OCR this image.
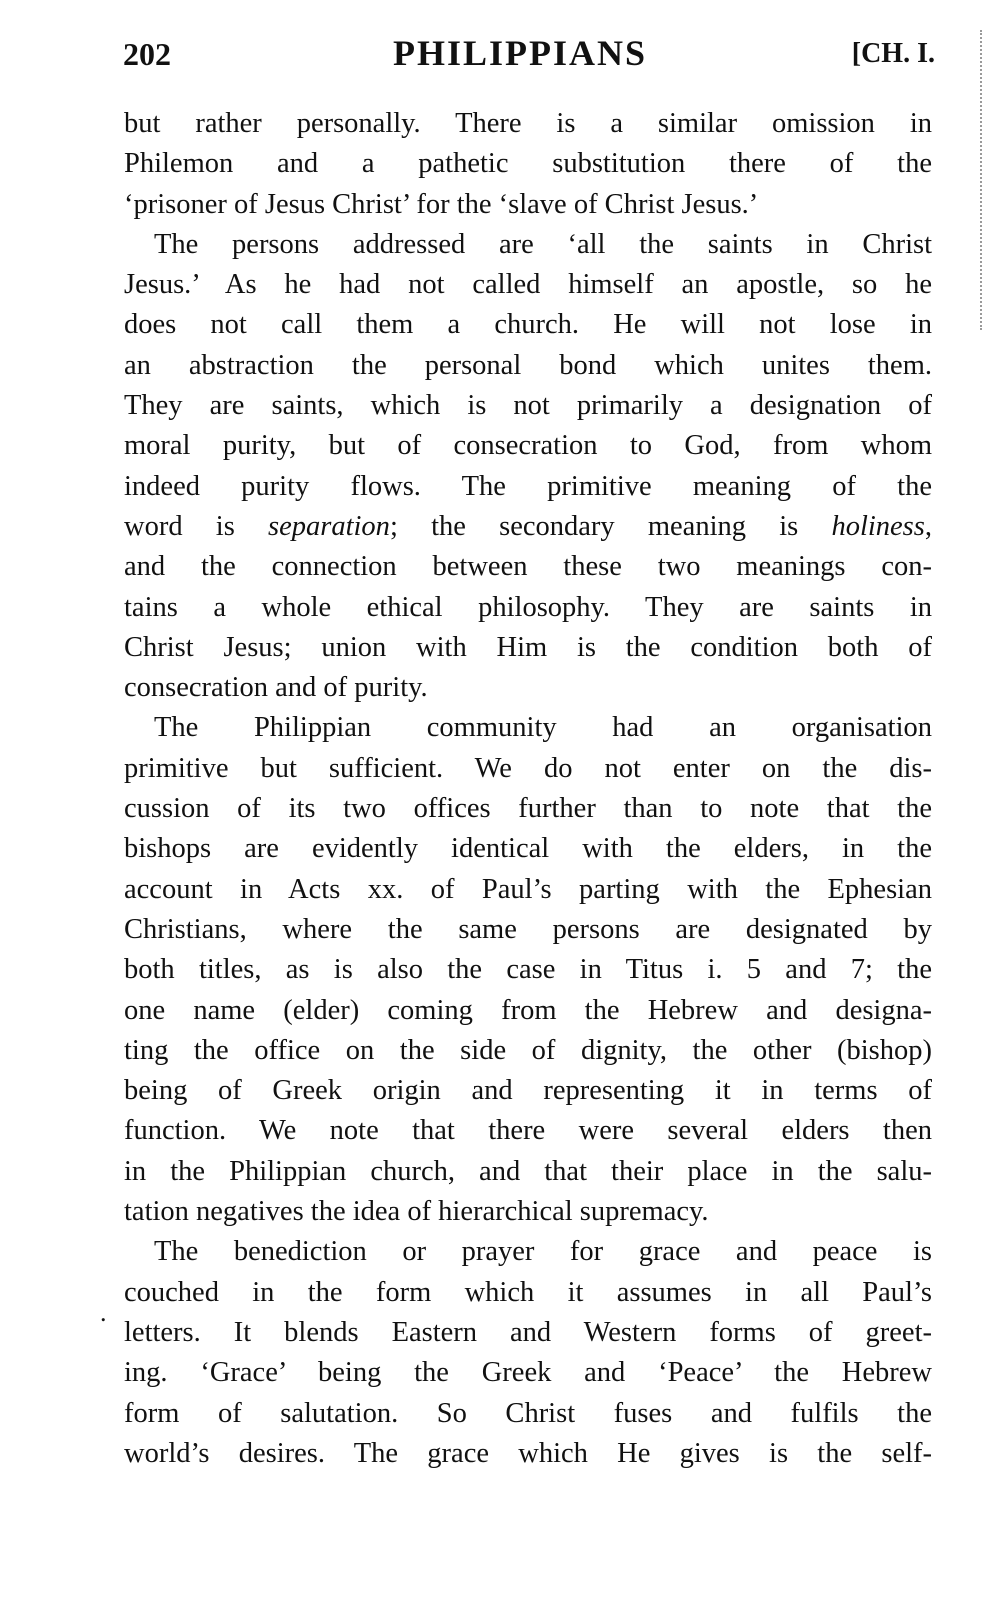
202	PHILIPPIANS	[CH. I.
but rather personally. There is a similar omission in
Philemon and a pathetic substitution there of the
‘prisoner of Jesus Christ’ for the ‘slave of Christ Jesus.’
The persons addressed are ‘all the saints in Christ
Jesus.’ As he had not called himself an apostle, so he
does not call them a church. He will not lose in
an abstraction the personal bond which unites them.
They are saints, which is not primarily a designation of
moral purity, but of consecration to God, from whom
indeed purity flows. The primitive meaning of the
word is separation; the secondary meaning is holiness,
and the connection between these two meanings con-
tains a whole ethical philosophy. They are saints in
Christ Jesus; union with Him is the condition both of
consecration and of purity.
The Philippian community had an organisation
primitive but sufficient. We do not enter on the dis-
cussion of its two offices further than to note that the
bishops are evidently identical with the elders, in the
account in Acts xx. of Paul’s parting with the Ephesian
Christians, where the same persons are designated by
both titles, as is also the case in Titus i. 5 and 7; the
one name (elder) coming from the Hebrew and designa-
ting the office on the side of dignity, the other (bishop)
being of Greek origin and representing it in terms of
function. We note that there were several elders then
in the Philippian church, and that their place in the salu-
tation negatives the idea of hierarchical supremacy.
The benediction or prayer for grace and peace is
couched in the form which it assumes in all Paul’s
letters. It blends Eastern and Western forms of greet-
ing. ‘Grace’ being the Greek and ‘Peace’ the Hebrew
form of salutation. So Christ fuses and fulfils the
world’s desires. The grace which He gives is the self-
.
